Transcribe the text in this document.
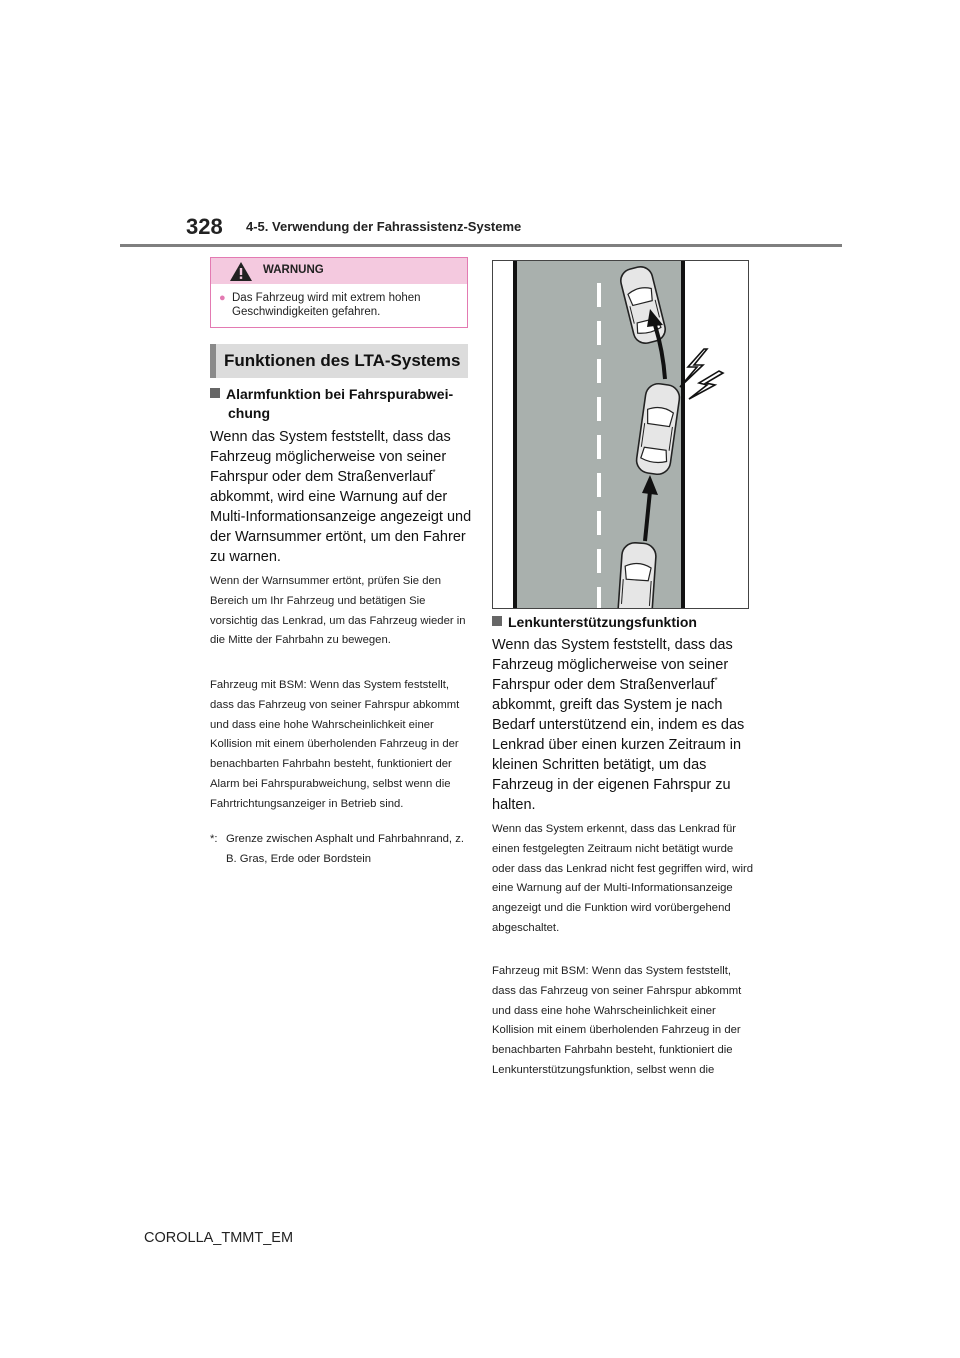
328 4-5. Verwendung der Fahrassistenz-Systeme
WARNUNG
● Das Fahrzeug wird mit extrem hohen Geschwindigkeiten gefahren.
Funktionen des LTA-Systems
Alarmfunktion bei Fahrspurabwei-
chung
Wenn das System feststellt, dass das Fahrzeug möglicherweise von seiner Fahrspur oder dem Straßenverlauf* abkommt, wird eine Warnung auf der Multi-Informationsanzeige angezeigt und der Warnsummer ertönt, um den Fahrer zu warnen.
Wenn der Warnsummer ertönt, prüfen Sie den Bereich um Ihr Fahrzeug und betätigen Sie vorsichtig das Lenkrad, um das Fahrzeug wieder in die Mitte der Fahrbahn zu bewegen.
Fahrzeug mit BSM: Wenn das System feststellt, dass das Fahrzeug von seiner Fahrspur abkommt und dass eine hohe Wahrscheinlichkeit einer Kollision mit einem überholenden Fahrzeug in der benachbarten Fahrbahn besteht, funktioniert der Alarm bei Fahrspurabweichung, selbst wenn die Fahrtrichtungsanzeiger in Betrieb sind.
*: Grenze zwischen Asphalt und Fahrbahnrand, z. B. Gras, Erde oder Bordstein
Lenkunterstützungsfunktion
Wenn das System feststellt, dass das Fahrzeug möglicherweise von seiner Fahrspur oder dem Straßenverlauf* abkommt, greift das System je nach Bedarf unterstützend ein, indem es das Lenkrad über einen kurzen Zeitraum in kleinen Schritten betätigt, um das Fahrzeug in der eigenen Fahrspur zu halten.
Wenn das System erkennt, dass das Lenkrad für einen festgelegten Zeitraum nicht betätigt wurde oder dass das Lenkrad nicht fest gegriffen wird, wird eine Warnung auf der Multi-Informationsanzeige angezeigt und die Funktion wird vorübergehend abgeschaltet.
Fahrzeug mit BSM: Wenn das System feststellt, dass das Fahrzeug von seiner Fahrspur abkommt und dass eine hohe Wahrscheinlichkeit einer Kollision mit einem überholenden Fahrzeug in der benachbarten Fahrbahn besteht, funktioniert die Lenkunterstützungsfunktion, selbst wenn die
COROLLA_TMMT_EM
